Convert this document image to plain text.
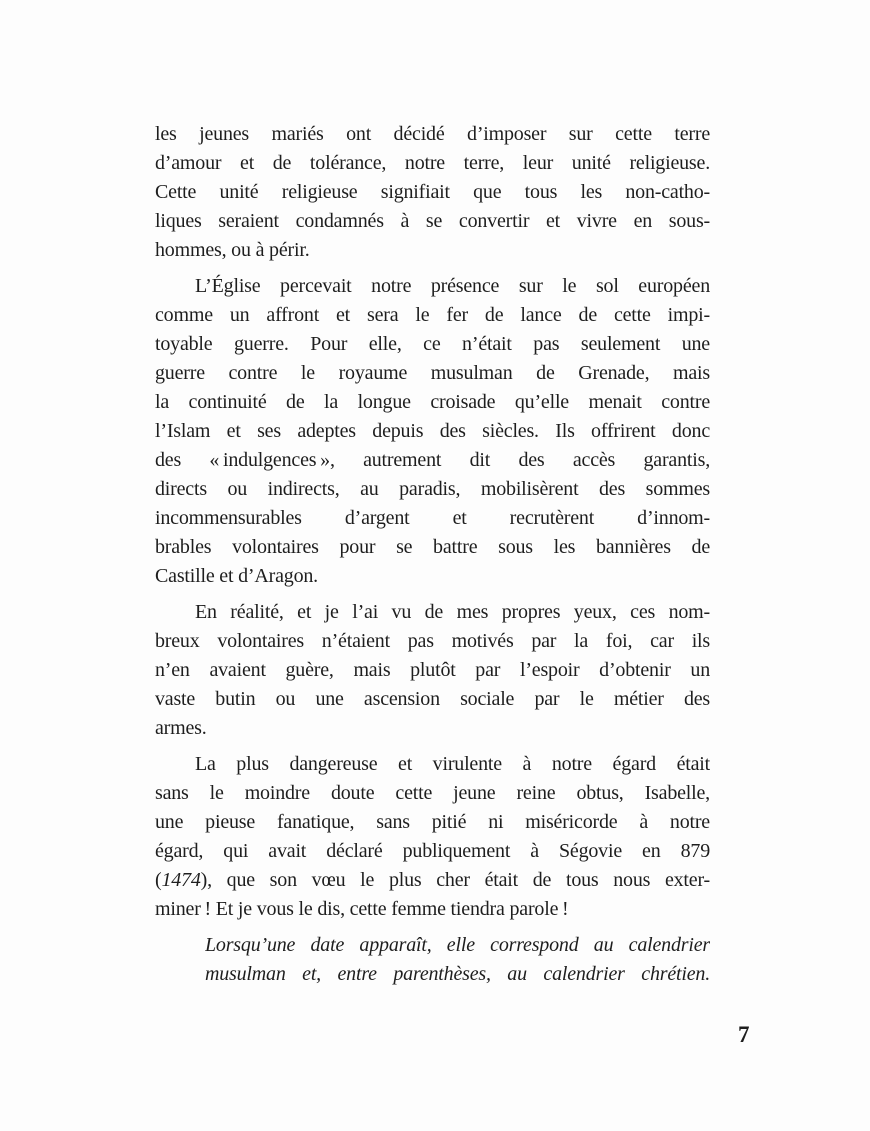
les jeunes mariés ont décidé d’imposer sur cette terre
d’amour et de tolérance, notre terre, leur unité religieuse.
Cette unité religieuse signifiait que tous les non-catho-
liques seraient condamnés à se convertir et vivre en sous-
hommes, ou à périr.
L’Église percevait notre présence sur le sol européen
comme un affront et sera le fer de lance de cette impi-
toyable guerre. Pour elle, ce n’était pas seulement une
guerre contre le royaume musulman de Grenade, mais
la continuité de la longue croisade qu’elle menait contre
l’Islam et ses adeptes depuis des siècles. Ils offrirent donc
des « indulgences », autrement dit des accès garantis,
directs ou indirects, au paradis, mobilisèrent des sommes
incommensurables d’argent et recrutèrent d’innom-
brables volontaires pour se battre sous les bannières de
Castille et d’Aragon.
En réalité, et je l’ai vu de mes propres yeux, ces nom-
breux volontaires n’étaient pas motivés par la foi, car ils
n’en avaient guère, mais plutôt par l’espoir d’obtenir un
vaste butin ou une ascension sociale par le métier des
armes.
La plus dangereuse et virulente à notre égard était
sans le moindre doute cette jeune reine obtus, Isabelle,
une pieuse fanatique, sans pitié ni miséricorde à notre
égard, qui avait déclaré publiquement à Ségovie en 879
(1474), que son vœu le plus cher était de tous nous exter-
miner ! Et je vous le dis, cette femme tiendra parole !
Lorsqu’une date apparaît, elle correspond au calendrier
musulman et, entre parenthèses, au calendrier chrétien.
7
